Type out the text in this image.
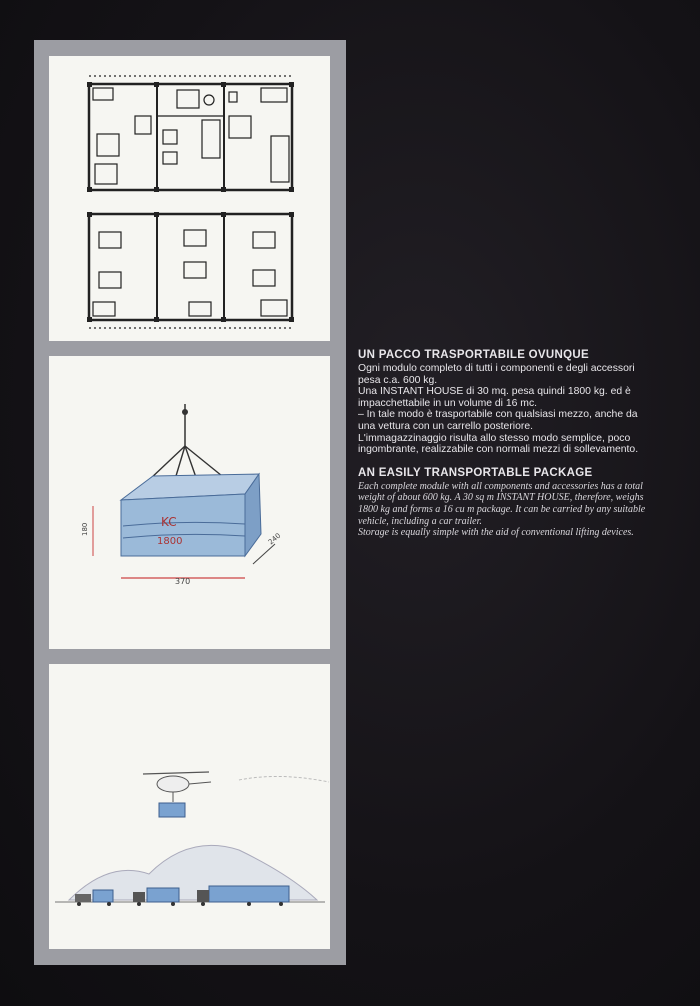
KC
1800
370
180
240

UN PACCO TRASPORTABILE OVUNQUE

Ogni modulo completo di tutti i componenti e degli accessori

pesa c.a. 600 kg.

Una INSTANT HOUSE di 30 mq. pesa quindi 1800 kg. ed è

impacchettabile in un volume di 16 mc.

– In tale modo è trasportabile con qualsiasi mezzo, anche da

una vettura con un carrello posteriore.

L'immagazzinaggio risulta allo stesso modo semplice, poco

ingombrante, realizzabile con normali mezzi di sollevamento.

AN EASILY TRANSPORTABLE PACKAGE

Each complete module with all components and accessories has a total

weight of about 600 kg. A 30 sq m INSTANT HOUSE, therefore, weighs

1800 kg and forms a 16 cu m package. It can be carried by any suitable

vehicle, including a car trailer.

Storage is equally simple with the aid of conventional lifting devices.
